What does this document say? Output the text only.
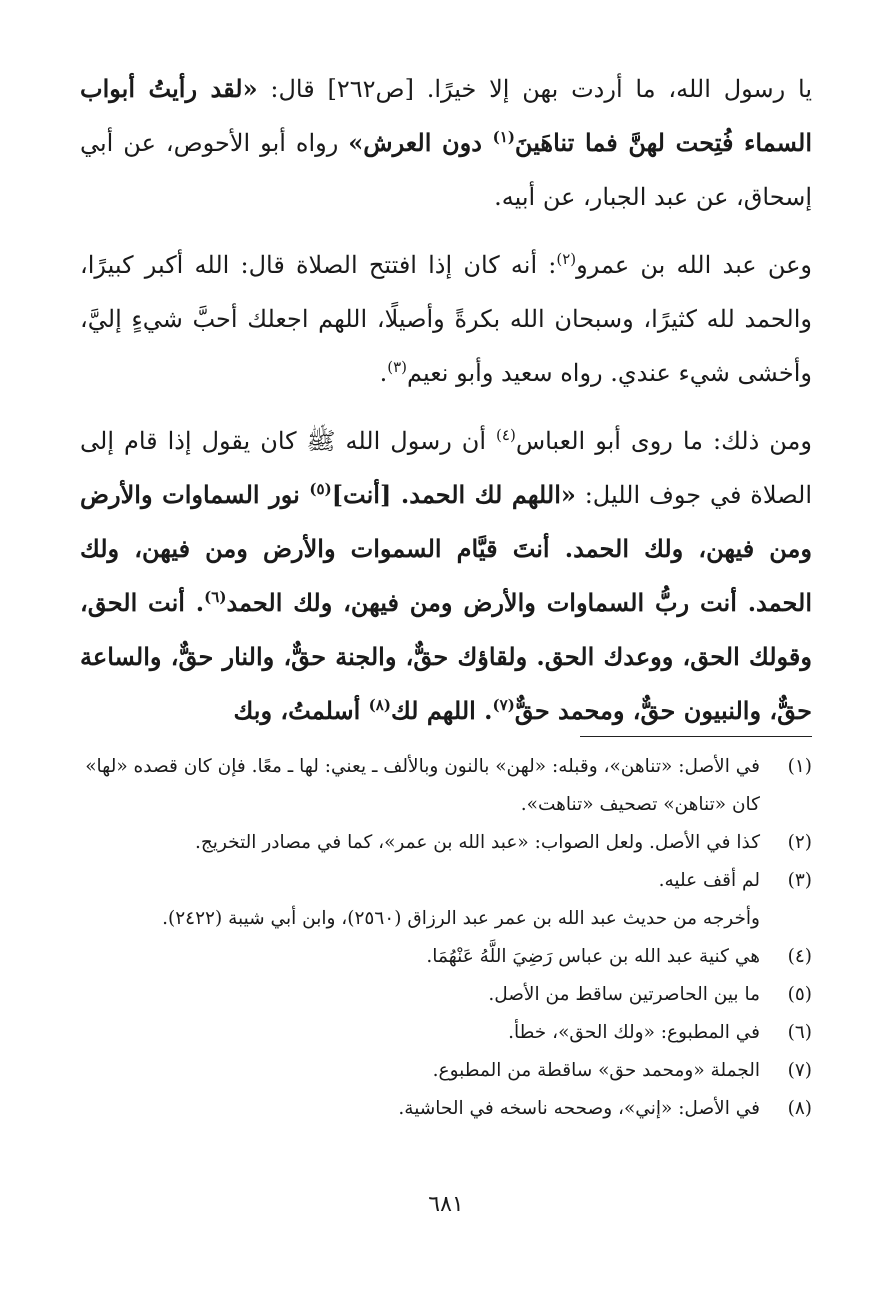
يا رسول الله، ما أردت بهن إلا خيرًا. [ص٢٦٢] قال: «لقد رأيتُ أبواب السماء فُتِحت لهنَّ فما تناهَينَ$^{(١)}$ دون العرش» رواه أبو الأحوص، عن أبي إسحاق، عن عبد الجبار، عن أبيه.

وعن عبد الله بن عمرو$^{(٢)}$: أنه كان إذا افتتح الصلاة قال: الله أكبر كبيرًا، والحمد لله كثيرًا، وسبحان الله بكرةً وأصيلًا، اللهم اجعلك أحبَّ شيءٍ إليَّ، وأخشى شيء عندي. رواه سعيد وأبو نعيم$^{(٣)}$.

ومن ذلك: ما روى أبو العباس$^{(٤)}$ أن رسول الله ﷺ كان يقول إذا قام إلى الصلاة في جوف الليل: «اللهم لك الحمد. [أنت]$^{(٥)}$ نور السماوات والأرض ومن فيهن، ولك الحمد. أنتَ قيَّام السموات والأرض ومن فيهن، ولك الحمد. أنت ربُّ السماوات والأرض ومن فيهن، ولك الحمد$^{(٦)}$. أنت الحق، وقولك الحق، ووعدك الحق. ولقاؤك حقٌّ، والجنة حقٌّ، والنار حقٌّ، والساعة حقٌّ، والنبيون حقٌّ، ومحمد حقٌّ$^{(٧)}$. اللهم لك$^{(٨)}$ أسلمتُ، وبك

(١)
في الأصل: «تناهن»، وقبله: «لهن» بالنون وبالألف ـ يعني: لها ـ معًا. فإن كان قصده «لها» كان «تناهن» تصحيف «تناهت».
(٢)
كذا في الأصل. ولعل الصواب: «عبد الله بن عمر»، كما في مصادر التخريج.
(٣)
لم أقف عليه.
وأخرجه من حديث عبد الله بن عمر عبد الرزاق (٢٥٦٠)، وابن أبي شيبة (٢٤٢٢).
(٤)
هي كنية عبد الله بن عباس رَضِيَ اللَّهُ عَنْهُمَا.
(٥)
ما بين الحاصرتين ساقط من الأصل.
(٦)
في المطبوع: «ولك الحق»، خطأ.
(٧)
الجملة «ومحمد حق» ساقطة من المطبوع.
(٨)
في الأصل: «إني»، وصححه ناسخه في الحاشية.
٦٨١
